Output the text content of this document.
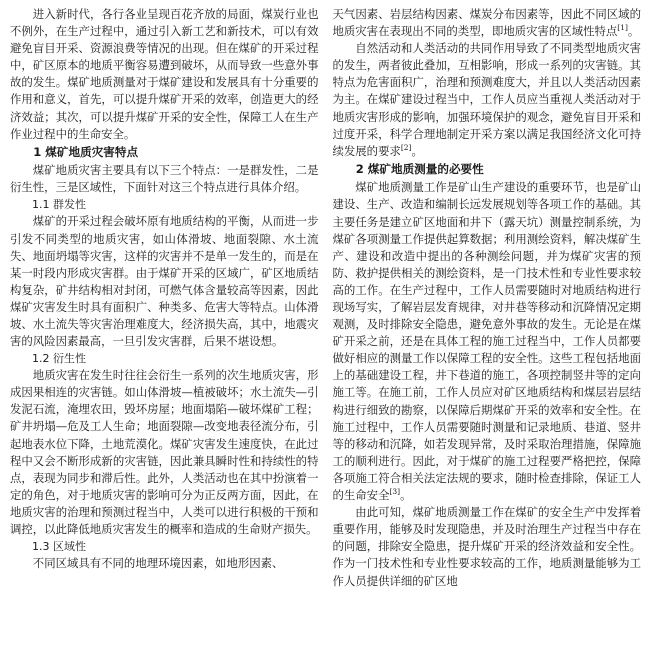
进入新时代，各行各业呈现百花齐放的局面，煤炭行业也不例外，在生产过程中，通过引入新工艺和新技术，可以有效避免盲目开采、资源浪费等情况的出现。但在煤矿的开采过程中，矿区原本的地质平衡容易遭到破坏，从而导致一些意外事故的发生。煤矿地质测量对于煤矿建设和发展具有十分重要的作用和意义，首先，可以提升煤矿开采的效率，创造更大的经济效益；其次，可以提升煤矿开采的安全性，保障工人在生产作业过程中的生命安全。

1 煤矿地质灾害特点

煤矿地质灾害主要具有以下三个特点：一是群发性，二是衍生性，三是区域性，下面针对这三个特点进行具体介绍。

1.1 群发性

煤矿的开采过程会破坏原有地质结构的平衡，从而进一步引发不同类型的地质灾害，如山体滑坡、地面裂隙、水土流失、地面坍塌等灾害，这样的灾害并不是单一发生的，而是在某一时段内形成灾害群。由于煤矿开采的区域广，矿区地质结构复杂，矿井结构相对封闭，可燃气体含量较高等因素，因此煤矿灾害发生时具有面积广、种类多、危害大等特点。山体滑坡、水土流失等灾害治理难度大，经济损失高，其中，地震灾害的风险因素最高，一旦引发灾害群，后果不堪设想。

1.2 衍生性

地质灾害在发生时往往会衍生一系列的次生地质灾害，形成因果相连的灾害链。如山体滑坡—植被破坏；水土流失—引发泥石流，淹埋农田，毁坏房屋；地面塌陷—破坏煤矿工程；矿井坍塌—危及工人生命；地面裂隙—改变地表径流分布，引起地表水位下降，土地荒漠化。煤矿灾害发生速度快，在此过程中又会不断形成新的灾害链，因此兼具瞬时性和持续性的特点，表现为同步和滞后性。此外，人类活动也在其中扮演着一定的角色，对于地质灾害的影响可分为正反两方面，因此，在地质灾害的治理和预测过程当中，人类可以进行积极的干预和调控，以此降低地质灾害发生的概率和造成的生命财产损失。

1.3 区域性

不同区域具有不同的地理环境因素，如地形因素、

天气因素、岩层结构因素、煤炭分布因素等，因此不同区域的地质灾害在表现出不同的类型，即地质灾害的区域性特点[1]。

自然活动和人类活动的共同作用导致了不同类型地质灾害的发生，两者彼此叠加，互相影响，形成一系列的灾害链。其特点为危害面积广，治理和预测难度大，并且以人类活动因素为主。在煤矿建设过程当中，工作人员应当重视人类活动对于地质灾害形成的影响，加强环境保护的观念，避免盲目开采和过度开采，科学合理地制定开采方案以满足我国经济文化可持续发展的要求[2]。

2 煤矿地质测量的必要性

煤矿地质测量工作是矿山生产建设的重要环节，也是矿山建设、生产、改造和编制长远发展规划等各项工作的基础。其主要任务是建立矿区地面和井下（露天坑）测量控制系统，为煤矿各项测量工作提供起算数据；利用测绘资料，解决煤矿生产、建设和改造中提出的各种测绘问题，并为煤矿灾害的预防、救护提供相关的测绘资料，是一门技术性和专业性要求较高的工作。在生产过程中，工作人员需要随时对地质结构进行现场写实，了解岩层发育规律，对井巷等移动和沉降情况定期观测，及时排除安全隐患，避免意外事故的发生。无论是在煤矿开采之前，还是在具体工程的施工过程当中，工作人员都要做好相应的测量工作以保障工程的安全性。这些工程包括地面上的基础建设工程，井下巷道的施工，各项控制竖井等的定向施工等。在施工前，工作人员应对矿区地质结构和煤层岩层结构进行细致的勘察，以保障后期煤矿开采的效率和安全性。在施工过程中，工作人员需要随时测量和记录地质、巷道、竖井等的移动和沉降，如若发现异常，及时采取治理措施，保障施工的顺利进行。因此，对于煤矿的施工过程要严格把控，保障各项施工符合相关法定法规的要求，随时检查排除，保证工人的生命安全[3]。

由此可知，煤矿地质测量工作在煤矿的安全生产中发挥着重要作用，能够及时发现隐患，并及时治理生产过程当中存在的问题，排除安全隐患，提升煤矿开采的经济效益和安全性。作为一门技术性和专业性要求较高的工作，地质测量能够为工作人员提供详细的矿区地
